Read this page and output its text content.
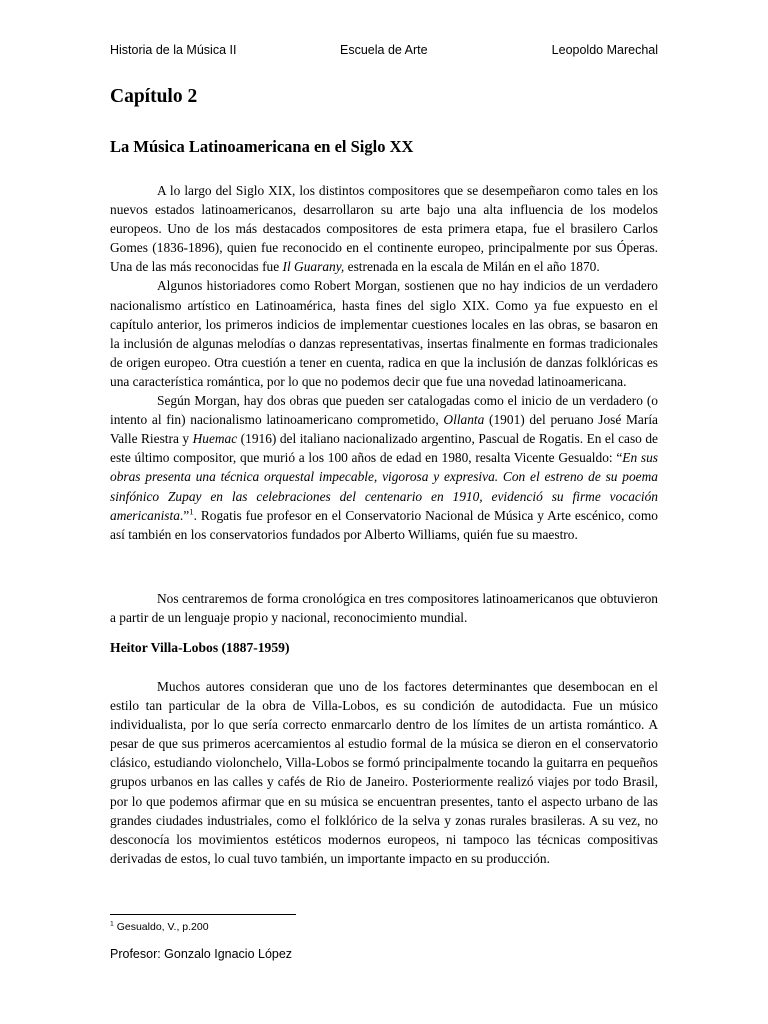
Historia de la Música II	Escuela de Arte	Leopoldo Marechal
Capítulo 2
La Música Latinoamericana en el Siglo XX

A lo largo del Siglo XIX, los distintos compositores que se desempeñaron como tales en los nuevos estados latinoamericanos, desarrollaron su arte bajo una alta influencia de los modelos europeos. Uno de los más destacados compositores de esta primera etapa, fue el brasilero Carlos Gomes (1836-1896), quien fue reconocido en el continente europeo, principalmente por sus Óperas. Una de las más reconocidas fue Il Guarany, estrenada en la escala de Milán en el año 1870.

Algunos historiadores como Robert Morgan, sostienen que no hay indicios de un verdadero nacionalismo artístico en Latinoamérica, hasta fines del siglo XIX. Como ya fue expuesto en el capítulo anterior, los primeros indicios de implementar cuestiones locales en las obras, se basaron en la inclusión de algunas melodías o danzas representativas, insertas finalmente en formas tradicionales de origen europeo. Otra cuestión a tener en cuenta, radica en que la inclusión de danzas folklóricas es una característica romántica, por lo que no podemos decir que fue una novedad latinoamericana.

Según Morgan, hay dos obras que pueden ser catalogadas como el inicio de un verdadero (o intento al fin) nacionalismo latinoamericano comprometido, Ollanta (1901) del peruano José María Valle Riestra y Huemac (1916) del italiano nacionalizado argentino, Pascual de Rogatis. En el caso de este último compositor, que murió a los 100 años de edad en 1980, resalta Vicente Gesualdo: “En sus obras presenta una técnica orquestal impecable, vigorosa y expresiva. Con el estreno de su poema sinfónico Zupay en las celebraciones del centenario en 1910, evidenció su firme vocación americanista.”$^1$. Rogatis fue profesor en el Conservatorio Nacional de Música y Arte escénico, como así también en los conservatorios fundados por Alberto Williams, quién fue su maestro.

Nos centraremos de forma cronológica en tres compositores latinoamericanos que obtuvieron a partir de un lenguaje propio y nacional, reconocimiento mundial.

Heitor Villa-Lobos (1887-1959)

Muchos autores consideran que uno de los factores determinantes que desembocan en el estilo tan particular de la obra de Villa-Lobos, es su condición de autodidacta. Fue un músico individualista, por lo que sería correcto enmarcarlo dentro de los límites de un artista romántico. A pesar de que sus primeros acercamientos al estudio formal de la música se dieron en el conservatorio clásico, estudiando violonchelo, Villa-Lobos se formó principalmente tocando la guitarra en pequeños grupos urbanos en las calles y cafés de Rio de Janeiro. Posteriormente realizó viajes por todo Brasil, por lo que podemos afirmar que en su música se encuentran presentes, tanto el aspecto urbano de las grandes ciudades industriales, como el folklórico de la selva y zonas rurales brasileras. A su vez, no desconocía los movimientos estéticos modernos europeos, ni tampoco las técnicas compositivas derivadas de estos, lo cual tuvo también, un importante impacto en su producción.

$^1$ Gesualdo, V., p.200
Profesor: Gonzalo Ignacio López
